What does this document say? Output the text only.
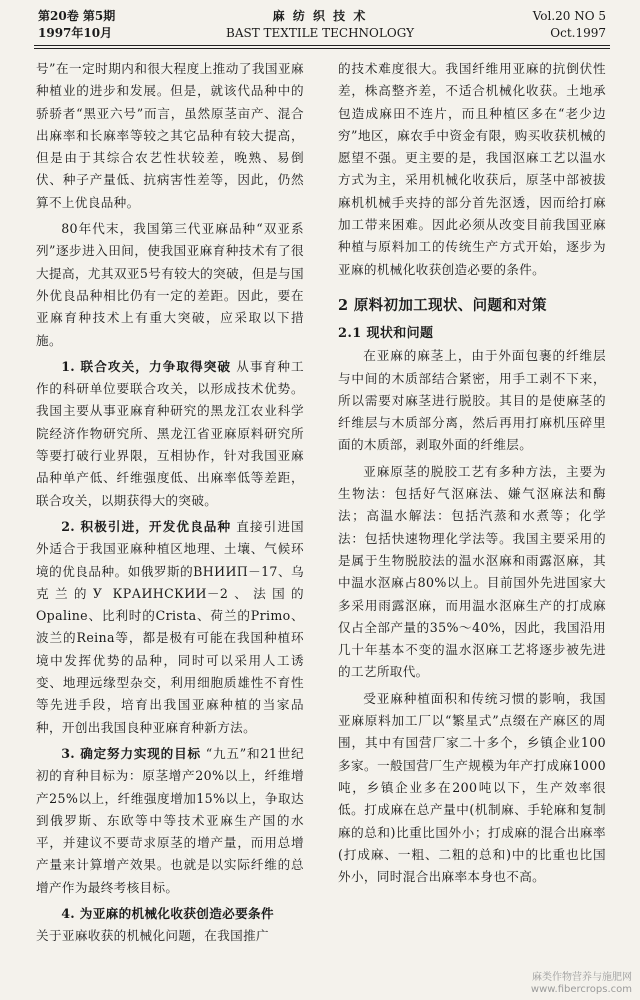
第20卷 第5期
1997年10月
麻 纺 织 技 术
BAST TEXTILE TECHNOLOGY
Vol.20 NO 5
Oct.1997

号”在一定时期内和很大程度上推动了我国亚麻种植业的进步和发展。但是，就该代品种中的骄骄者“黑亚六号”而言，虽然原茎亩产、混合出麻率和长麻率等较之其它品种有较大提高，但是由于其综合农艺性状较差，晚熟、易倒伏、种子产量低、抗病害性差等，因此，仍然算不上优良品种。

80年代末，我国第三代亚麻品种“双亚系列”逐步进入田间，使我国亚麻育种技术有了很大提高，尤其双亚5号有较大的突破，但是与国外优良品种相比仍有一定的差距。因此，要在亚麻育种技术上有重大突破，应采取以下措施。

1. 联合攻关，力争取得突破 从事育种工作的科研单位要联合攻关，以形成技术优势。我国主要从事亚麻育种研究的黑龙江农业科学院经济作物研究所、黑龙江省亚麻原料研究所等要打破行业界限，互相协作，针对我国亚麻品种单产低、纤维强度低、出麻率低等差距，联合攻关，以期获得大的突破。

2. 积极引进，开发优良品种 直接引进国外适合于我国亚麻种植区地理、土壤、气候环境的优良品种。如俄罗斯的ВНИИП－17、乌克兰的У КРАИНСКИИ－2、法国的Opaline、比利时的Crista、荷兰的Primo、波兰的Reina等，都是极有可能在我国种植环境中发挥优势的品种，同时可以采用人工诱变、地理远缘型杂交，利用细胞质雄性不育性等先进手段，培育出我国亚麻种植的当家品种，开创出我国良种亚麻育种新方法。

3. 确定努力实现的目标 “九五”和21世纪初的育种目标为：原茎增产20%以上，纤维增产25%以上，纤维强度增加15%以上，争取达到俄罗斯、东欧等中等技术亚麻生产国的水平，并建议不要苛求原茎的增产量，而用总增产量来计算增产效果。也就是以实际纤维的总增产作为最终考核目标。

4. 为亚麻的机械化收获创造必要条件

关于亚麻收获的机械化问题，在我国推广

的技术难度很大。我国纤维用亚麻的抗倒伏性差，株高整齐差，不适合机械化收获。土地承包造成麻田不连片，而且种植区多在“老少边穷”地区，麻农手中资金有限，购买收获机械的愿望不强。更主要的是，我国沤麻工艺以温水方式为主，采用机械化收获后，原茎中部被拔麻机机械手夹持的部分首先沤透，因而给打麻加工带来困难。因此必须从改变目前我国亚麻种植与原料加工的传统生产方式开始，逐步为亚麻的机械化收获创造必要的条件。

2 原料初加工现状、问题和对策
2.1 现状和问题

在亚麻的麻茎上，由于外面包裹的纤维层与中间的木质部结合紧密，用手工剥不下来，所以需要对麻茎进行脱胶。其目的是使麻茎的纤维层与木质部分离，然后再用打麻机压碎里面的木质部，剥取外面的纤维层。

亚麻原茎的脱胶工艺有多种方法，主要为生物法：包括好气沤麻法、嫌气沤麻法和酶法；高温水解法：包括汽蒸和水煮等；化学法：包括快速物理化学法等。我国主要采用的是属于生物脱胶法的温水沤麻和雨露沤麻，其中温水沤麻占80%以上。目前国外先进国家大多采用雨露沤麻，而用温水沤麻生产的打成麻仅占全部产量的35%～40%，因此，我国沿用几十年基本不变的温水沤麻工艺将逐步被先进的工艺所取代。

受亚麻种植面积和传统习惯的影响，我国亚麻原料加工厂以“繁星式”点缀在产麻区的周围，其中有国营厂家二十多个，乡镇企业100多家。一般国营厂生产规模为年产打成麻1000吨，乡镇企业多在200吨以下，生产效率很低。打成麻在总产量中(机制麻、手轮麻和复制麻的总和)比重比国外小；打成麻的混合出麻率(打成麻、一粗、二粗的总和)中的比重也比国外小，同时混合出麻率本身也不高。

麻类作物营养与施肥网
www.fibercrops.com
